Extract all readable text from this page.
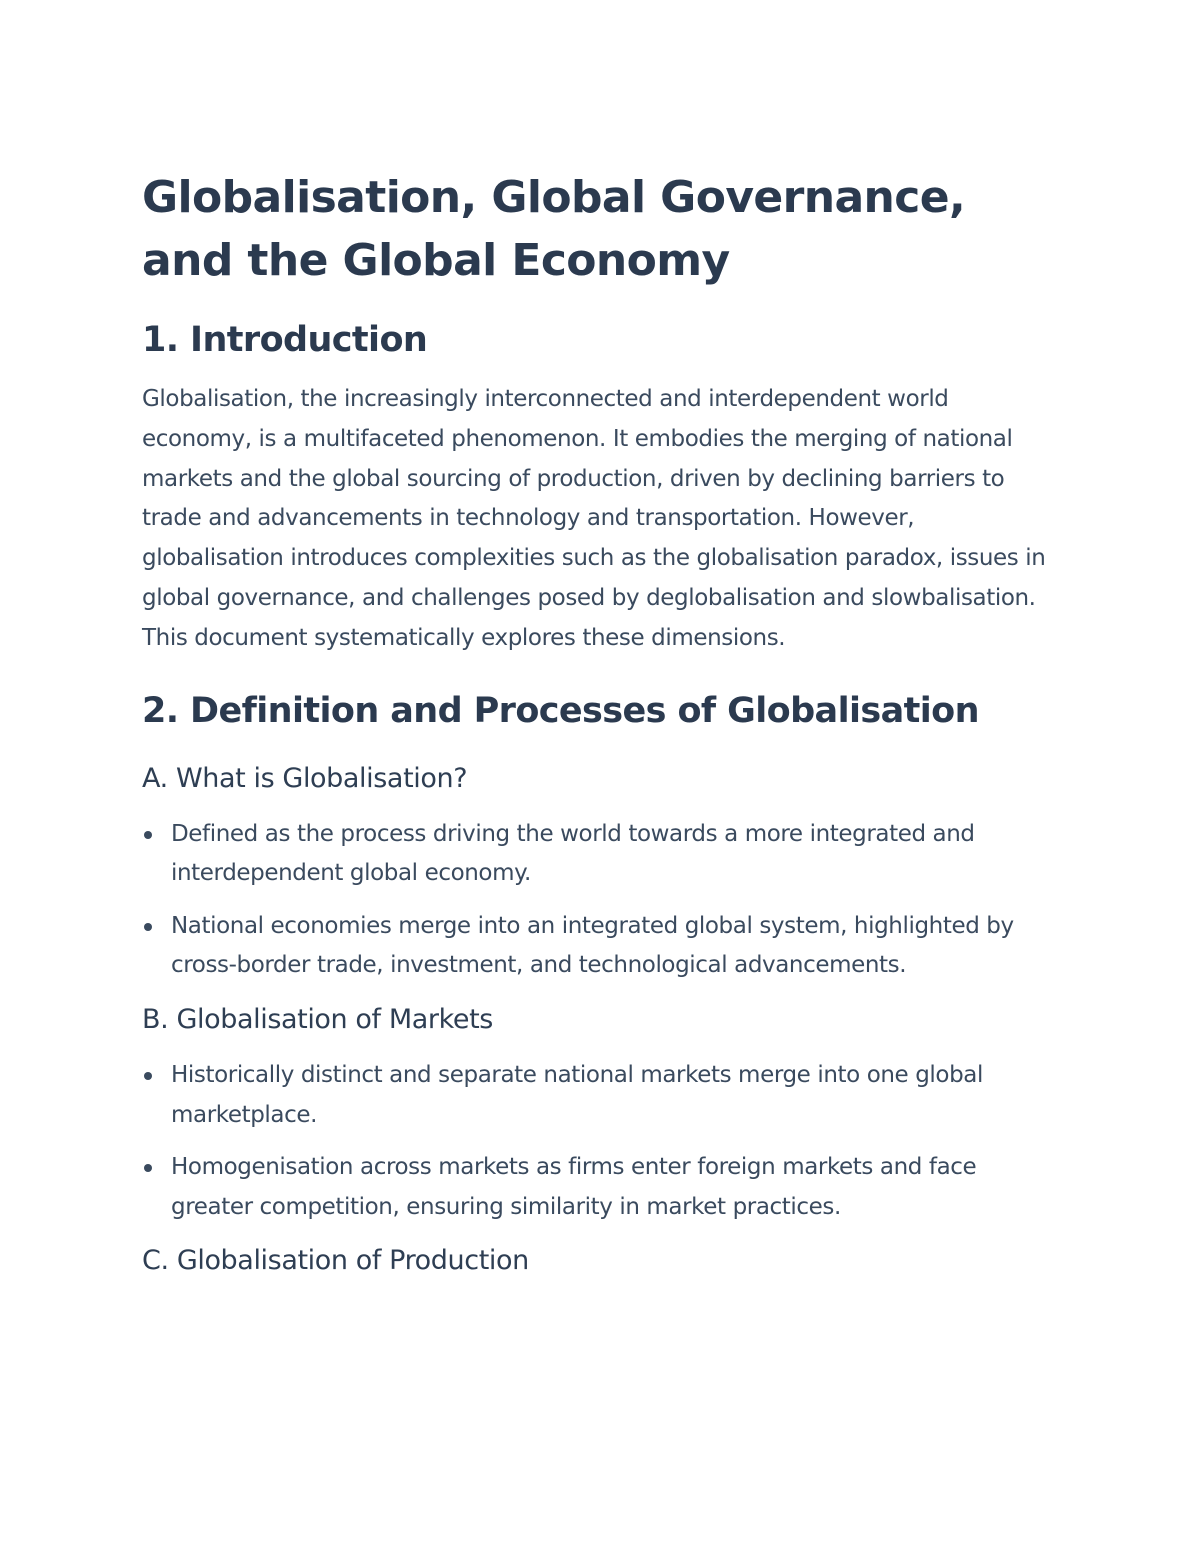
Globalisation, Global Governance, and the Global Economy
1. Introduction

Globalisation, the increasingly interconnected and interdependent world economy, is a multifaceted phenomenon. It embodies the merging of national markets and the global sourcing of production, driven by declining barriers to trade and advancements in technology and transportation. However, globalisation introduces complexities such as the globalisation paradox, issues in global governance, and challenges posed by deglobalisation and slowbalisation. This document systematically explores these dimensions.

2. Definition and Processes of Globalisation
A. What is Globalisation?
Defined as the process driving the world towards a more integrated and interdependent global economy.
National economies merge into an integrated global system, highlighted by cross-border trade, investment, and technological advancements.
B. Globalisation of Markets
Historically distinct and separate national markets merge into one global marketplace.
Homogenisation across markets as firms enter foreign markets and face greater competition, ensuring similarity in market practices.
C. Globalisation of Production
